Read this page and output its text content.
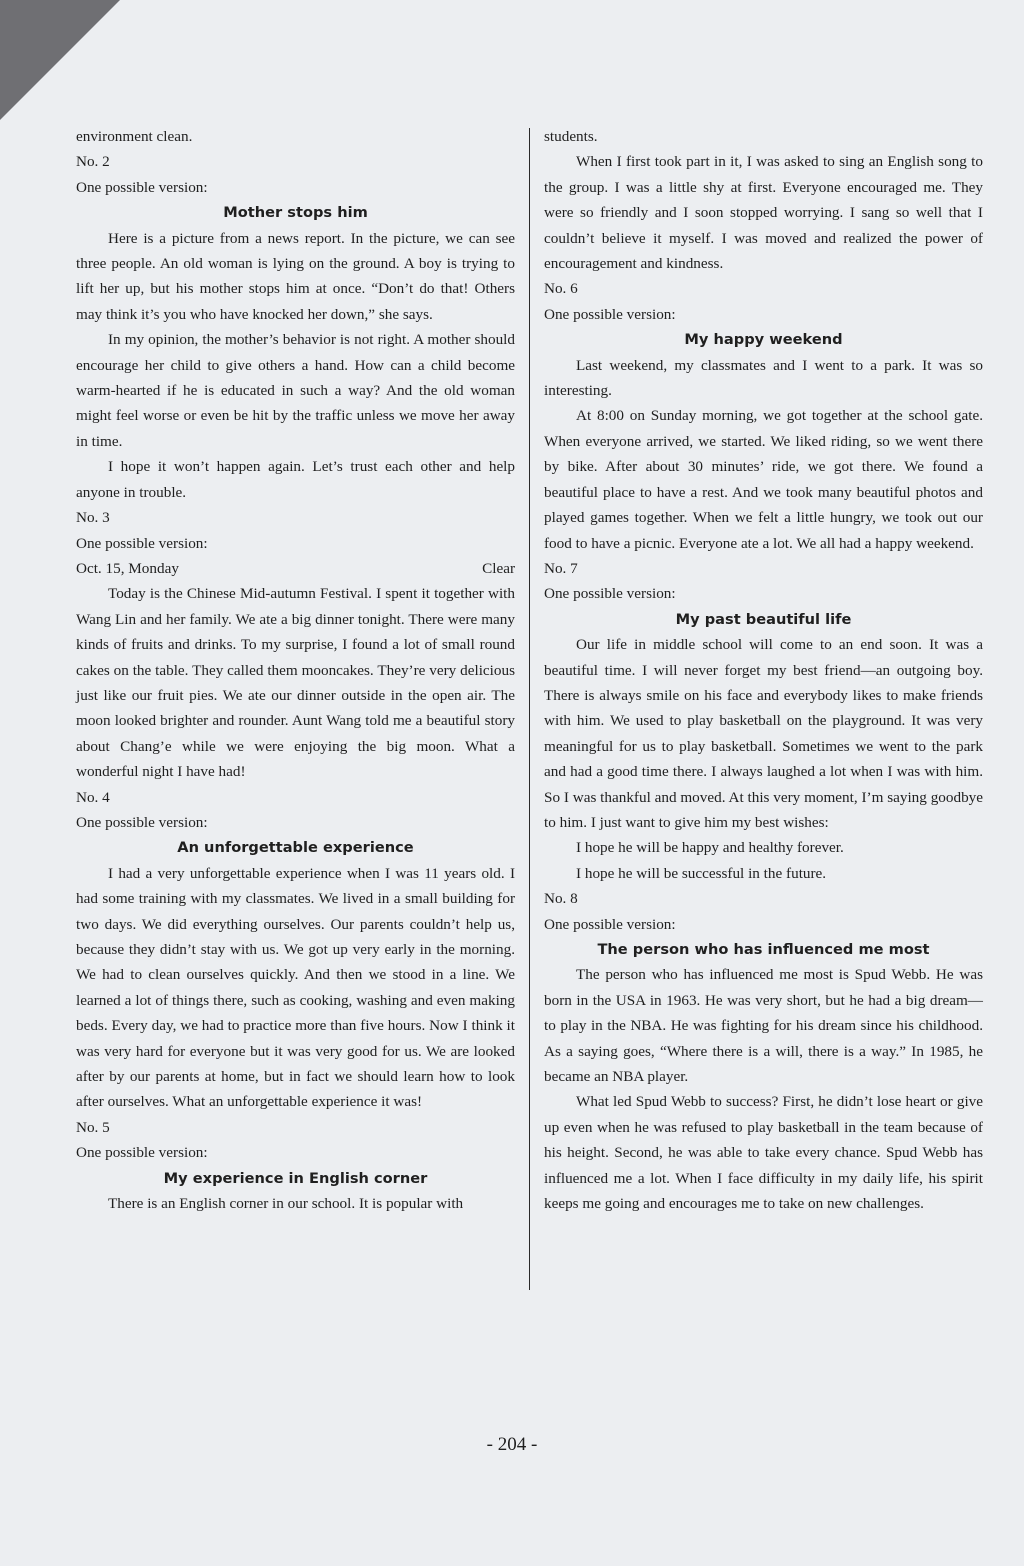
environment clean.

No. 2

One possible version:

Mother stops him

Here is a picture from a news report. In the picture, we can see three people. An old woman is lying on the ground. A boy is trying to lift her up, but his mother stops him at once. “Don’t do that! Others may think it’s you who have knocked her down,” she says.

In my opinion, the mother’s behavior is not right. A mother should encourage her child to give others a hand. How can a child become warm-hearted if he is educated in such a way? And the old woman might feel worse or even be hit by the traffic unless we move her away in time.

I hope it won’t happen again. Let’s trust each other and help anyone in trouble.

No. 3

One possible version:

Oct. 15, Monday	Clear

Today is the Chinese Mid-autumn Festival. I spent it together with Wang Lin and her family. We ate a big dinner tonight. There were many kinds of fruits and drinks. To my surprise, I found a lot of small round cakes on the table. They called them mooncakes. They’re very delicious just like our fruit pies. We ate our dinner outside in the open air. The moon looked brighter and rounder. Aunt Wang told me a beautiful story about Chang’e while we were enjoying the big moon. What a wonderful night I have had!

No. 4

One possible version:

An unforgettable experience

I had a very unforgettable experience when I was 11 years old. I had some training with my classmates. We lived in a small building for two days. We did everything ourselves. Our parents couldn’t help us, because they didn’t stay with us. We got up very early in the morning. We had to clean ourselves quickly. And then we stood in a line. We learned a lot of things there, such as cooking, washing and even making beds. Every day, we had to practice more than five hours. Now I think it was very hard for everyone but it was very good for us. We are looked after by our parents at home, but in fact we should learn how to look after ourselves. What an unforgettable experience it was!

No. 5

One possible version:

My experience in English corner

There is an English corner in our school. It is popular with

students.

When I first took part in it, I was asked to sing an English song to the group. I was a little shy at first. Everyone encouraged me. They were so friendly and I soon stopped worrying. I sang so well that I couldn’t believe it myself. I was moved and realized the power of encouragement and kindness.

No. 6

One possible version:

My happy weekend

Last weekend, my classmates and I went to a park. It was so interesting.

At 8:00 on Sunday morning, we got together at the school gate. When everyone arrived, we started. We liked riding, so we went there by bike. After about 30 minutes’ ride, we got there. We found a beautiful place to have a rest. And we took many beautiful photos and played games together. When we felt a little hungry, we took out our food to have a picnic. Everyone ate a lot. We all had a happy weekend.

No. 7

One possible version:

My past beautiful life

Our life in middle school will come to an end soon. It was a beautiful time. I will never forget my best friend—an outgoing boy. There is always smile on his face and everybody likes to make friends with him. We used to play basketball on the playground. It was very meaningful for us to play basketball. Sometimes we went to the park and had a good time there. I always laughed a lot when I was with him. So I was thankful and moved. At this very moment, I’m saying goodbye to him. I just want to give him my best wishes:

I hope he will be happy and healthy forever.

I hope he will be successful in the future.

No. 8

One possible version:

The person who has influenced me most

The person who has influenced me most is Spud Webb. He was born in the USA in 1963. He was very short, but he had a big dream—to play in the NBA. He was fighting for his dream since his childhood. As a saying goes, “Where there is a will, there is a way.” In 1985, he became an NBA player.

What led Spud Webb to success? First, he didn’t lose heart or give up even when he was refused to play basketball in the team because of his height. Second, he was able to take every chance. Spud Webb has influenced me a lot. When I face difficulty in my daily life, his spirit keeps me going and encourages me to take on new challenges.

- 204 -
